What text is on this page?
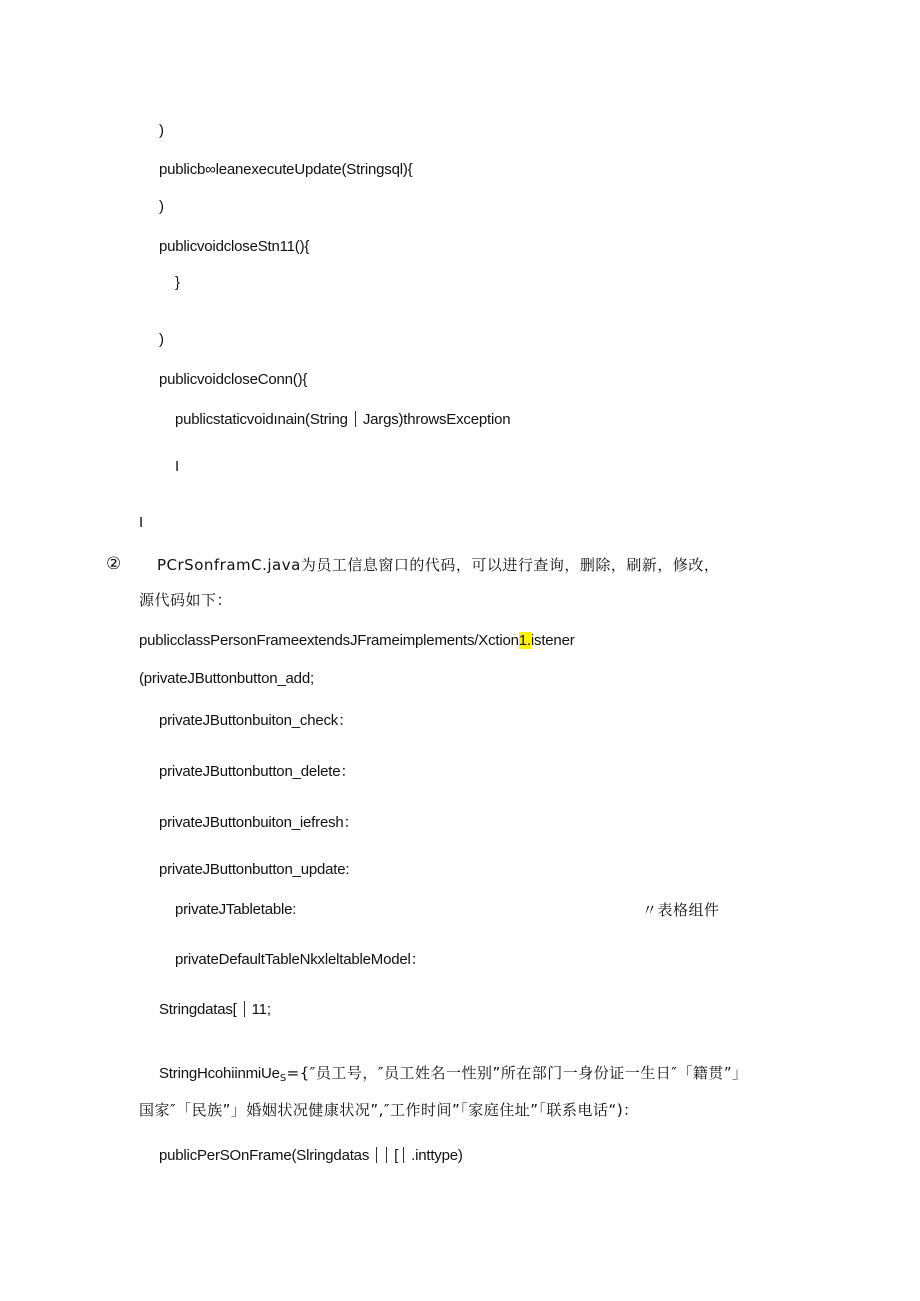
)
publicb∞leanexecuteUpdate(Stringsql){
)
publicvoidcloseStn11(){
}
)
publicvoidcloseConn(){
publicstaticvoidınain(String Jargs)throwsException
I
I
② PCrSonframC.java为员工信息窗口的代码，可以进行查询，删除，刷新，修改，
源代码如下：
publicclassPersonFrameextendsJFrameimplements/Xction1.istener
(privateJButtonbutton_add;
privateJButtonbuiton_check：
privateJButtonbutton_delete：
privateJButtonbuiton_iefresh：
privateJButtonbutton_update:
privateJTabletable:	〃表格组件
privateDefaultTableNkxleltableModel：
Stringdatas[ 11;
StringHcohiinmiUe$_S$={″员工号，″员工姓名一性别”所在部门一身份证一生日″「籍贯”」
国家″「民族”」婚姻状况健康状况”,″工作时间”「家庭住址”「联系电话“)：
publicPerSOnFrame(Slringdatas [ .inttype)
